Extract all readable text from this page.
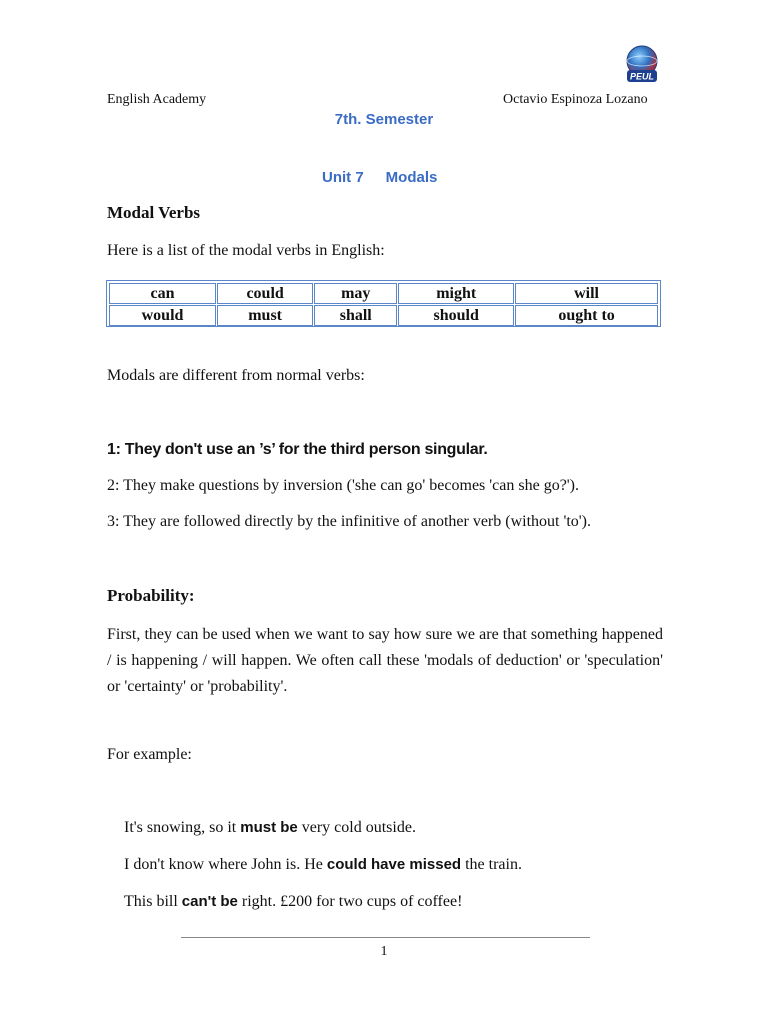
PEUL
English Academy	Octavio Espinoza Lozano
7th. Semester
Unit 7 Modals
Modal Verbs
Here is a list of the modal verbs in English:
can	could	may	might	will
would	must	shall	should	ought to
Modals are different from normal verbs:
1: They don't use an ’s’ for the third person singular.
2: They make questions by inversion ('she can go' becomes 'can she go?').
3: They are followed directly by the infinitive of another verb (without 'to').
Probability:
First, they can be used when we want to say how sure we are that something happened / is happening / will happen. We often call these 'modals of deduction' or 'speculation' or 'certainty' or 'probability'.
For example:
It's snowing, so it must be very cold outside.
I don't know where John is. He could have missed the train.
This bill can't be right. £200 for two cups of coffee!
1
